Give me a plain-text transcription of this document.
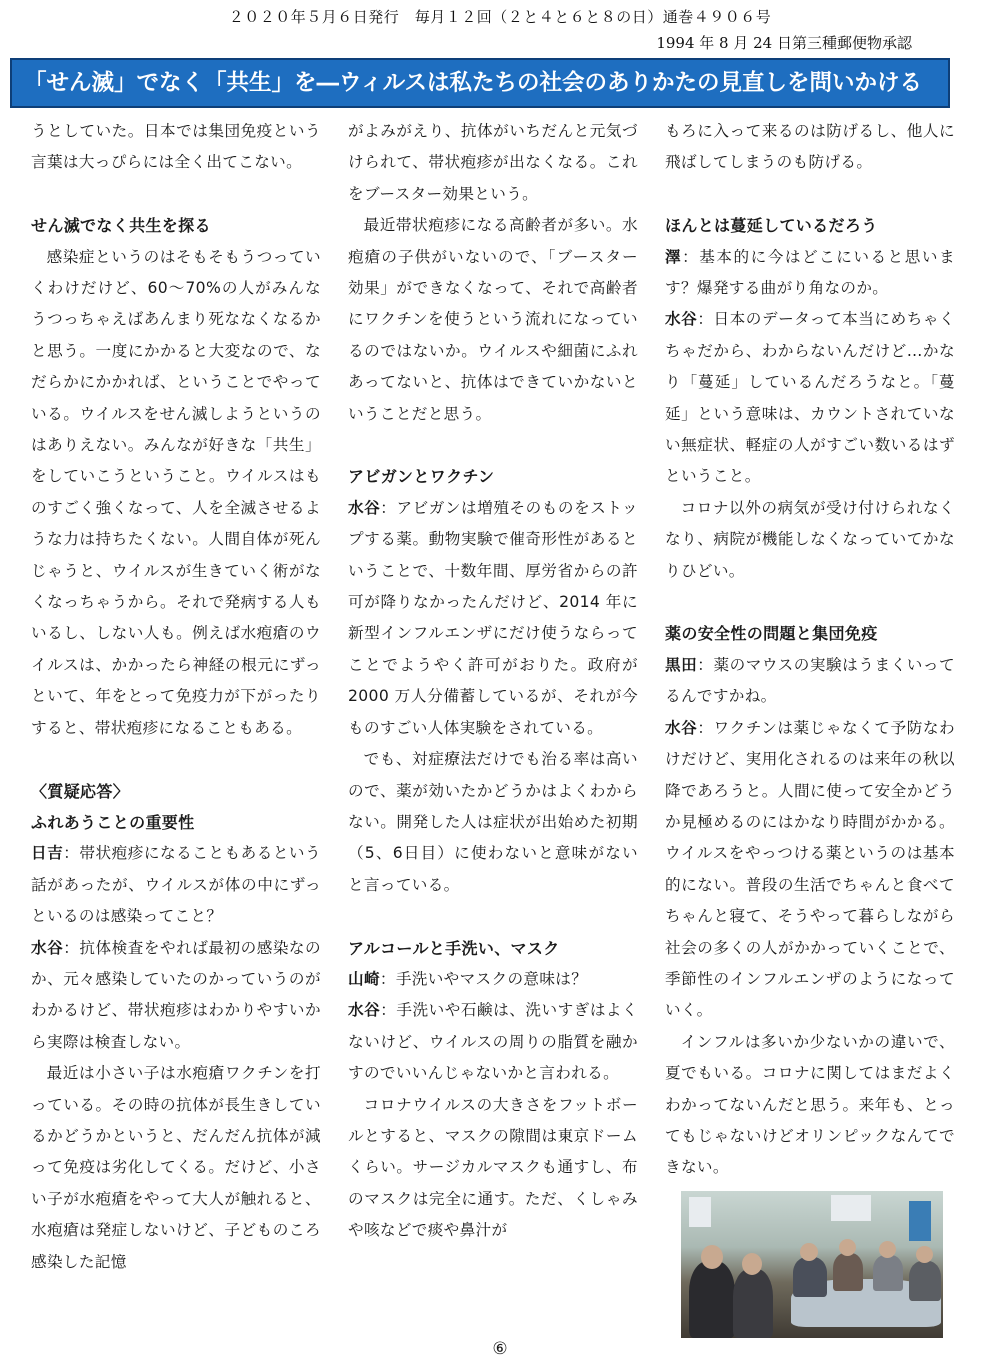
２０２０年５月６日発行　毎月１２回（２と４と６と８の日）通巻４９０６号
1994 年 8 月 24 日第三種郵便物承認
「せん滅」でなく「共生」を―ウィルスは私たちの社会のありかたの見直しを問いかける

うとしていた。日本では集団免疫という言葉は大っぴらには全く出てこない。

せん滅でなく共生を探る

感染症というのはそもそもうつっていくわけだけど、60～70%の人がみんなうつっちゃえばあんまり死ななくなるかと思う。一度にかかると大変なので、なだらかにかかれば、ということでやっている。ウイルスをせん滅しようというのはありえない。みんなが好きな「共生」をしていこうということ。ウイルスはものすごく強くなって、人を全滅させるような力は持ちたくない。人間自体が死んじゃうと、ウイルスが生きていく術がなくなっちゃうから。それで発病する人もいるし、しない人も。例えば水疱瘡のウイルスは、かかったら神経の根元にずっといて、年をとって免疫力が下がったりすると、帯状疱疹になることもある。

〈質疑応答〉
ふれあうことの重要性

日吉：帯状疱疹になることもあるという話があったが、ウイルスが体の中にずっといるのは感染ってこと？

水谷：抗体検査をやれば最初の感染なのか、元々感染していたのかっていうのがわかるけど、帯状疱疹はわかりやすいから実際は検査しない。

最近は小さい子は水疱瘡ワクチンを打っている。その時の抗体が長生きしているかどうかというと、だんだん抗体が減って免疫は劣化してくる。だけど、小さい子が水疱瘡をやって大人が触れると、水疱瘡は発症しないけど、子どものころ感染した記憶

がよみがえり、抗体がいちだんと元気づけられて、帯状疱疹が出なくなる。これをブースター効果という。

最近帯状疱疹になる高齢者が多い。水疱瘡の子供がいないので、「ブースター効果」ができなくなって、それで高齢者にワクチンを使うという流れになっているのではないか。ウイルスや細菌にふれあってないと、抗体はできていかないということだと思う。

アビガンとワクチン

水谷：アビガンは増殖そのものをストップする薬。動物実験で催奇形性があるということで、十数年間、厚労省からの許可が降りなかったんだけど、2014 年に新型インフルエンザにだけ使うならってことでようやく許可がおりた。政府が 2000 万人分備蓄しているが、それが今ものすごい人体実験をされている。

でも、対症療法だけでも治る率は高いので、薬が効いたかどうかはよくわからない。開発した人は症状が出始めた初期（5、6日目）に使わないと意味がないと言っている。

アルコールと手洗い、マスク

山崎：手洗いやマスクの意味は？

水谷：手洗いや石鹸は、洗いすぎはよくないけど、ウイルスの周りの脂質を融かすのでいいんじゃないかと言われる。

コロナウイルスの大きさをフットボールとすると、マスクの隙間は東京ドームくらい。サージカルマスクも通すし、布のマスクは完全に通す。ただ、くしゃみや咳などで痰や鼻汁が

もろに入って来るのは防げるし、他人に飛ばしてしまうのも防げる。

ほんとは蔓延しているだろう

澤：基本的に今はどこにいると思います？爆発する曲がり角なのか。

水谷：日本のデータって本当にめちゃくちゃだから、わからないんだけど…かなり「蔓延」しているんだろうなと。「蔓延」という意味は、カウントされていない無症状、軽症の人がすごい数いるはずということ。

コロナ以外の病気が受け付けられなくなり、病院が機能しなくなっていてかなりひどい。

薬の安全性の問題と集団免疫

黒田：薬のマウスの実験はうまくいってるんですかね。

水谷：ワクチンは薬じゃなくて予防なわけだけど、実用化されるのは来年の秋以降であろうと。人間に使って安全かどうか見極めるのにはかなり時間がかかる。ウイルスをやっつける薬というのは基本的にない。普段の生活でちゃんと食べてちゃんと寝て、そうやって暮らしながら社会の多くの人がかかっていくことで、季節性のインフルエンザのようになっていく。

インフルは多いか少ないかの違いで、夏でもいる。コロナに関してはまだよくわかってないんだと思う。来年も、とってもじゃないけどオリンピックなんてできない。

⑥
